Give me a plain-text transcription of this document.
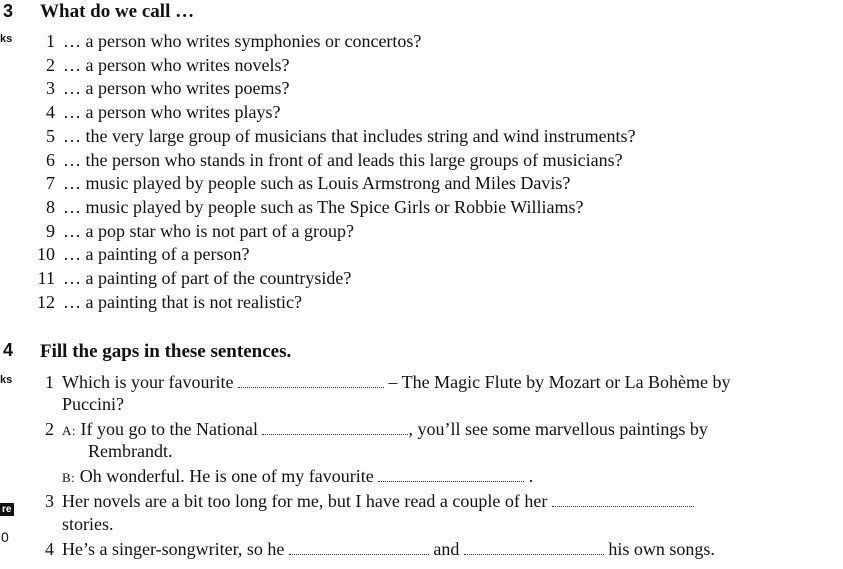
3
ks
What do we call …
1 … a person who writes symphonies or concertos?
2 … a person who writes novels?
3 … a person who writes poems?
4 … a person who writes plays?
5 … the very large group of musicians that includes string and wind instruments?
6 … the person who stands in front of and leads this large groups of musicians?
7 … music played by people such as Louis Armstrong and Miles Davis?
8 … music played by people such as The Spice Girls or Robbie Williams?
9 … a pop star who is not part of a group?
10 … a painting of a person?
11 … a painting of part of the countryside?
12 … a painting that is not realistic?
4
ks
re
0
Fill the gaps in these sentences.
1 Which is your favourite	– The Magic Flute by Mozart or La Bohème by
Puccini?
2 A: If you go to the National	, you’ll see some marvellous paintings by
Rembrandt.
B: Oh wonderful. He is one of my favourite	.
3 Her novels are a bit too long for me, but I have read a couple of her
stories.
4 He’s a singer-songwriter, so he	and	his own songs.
